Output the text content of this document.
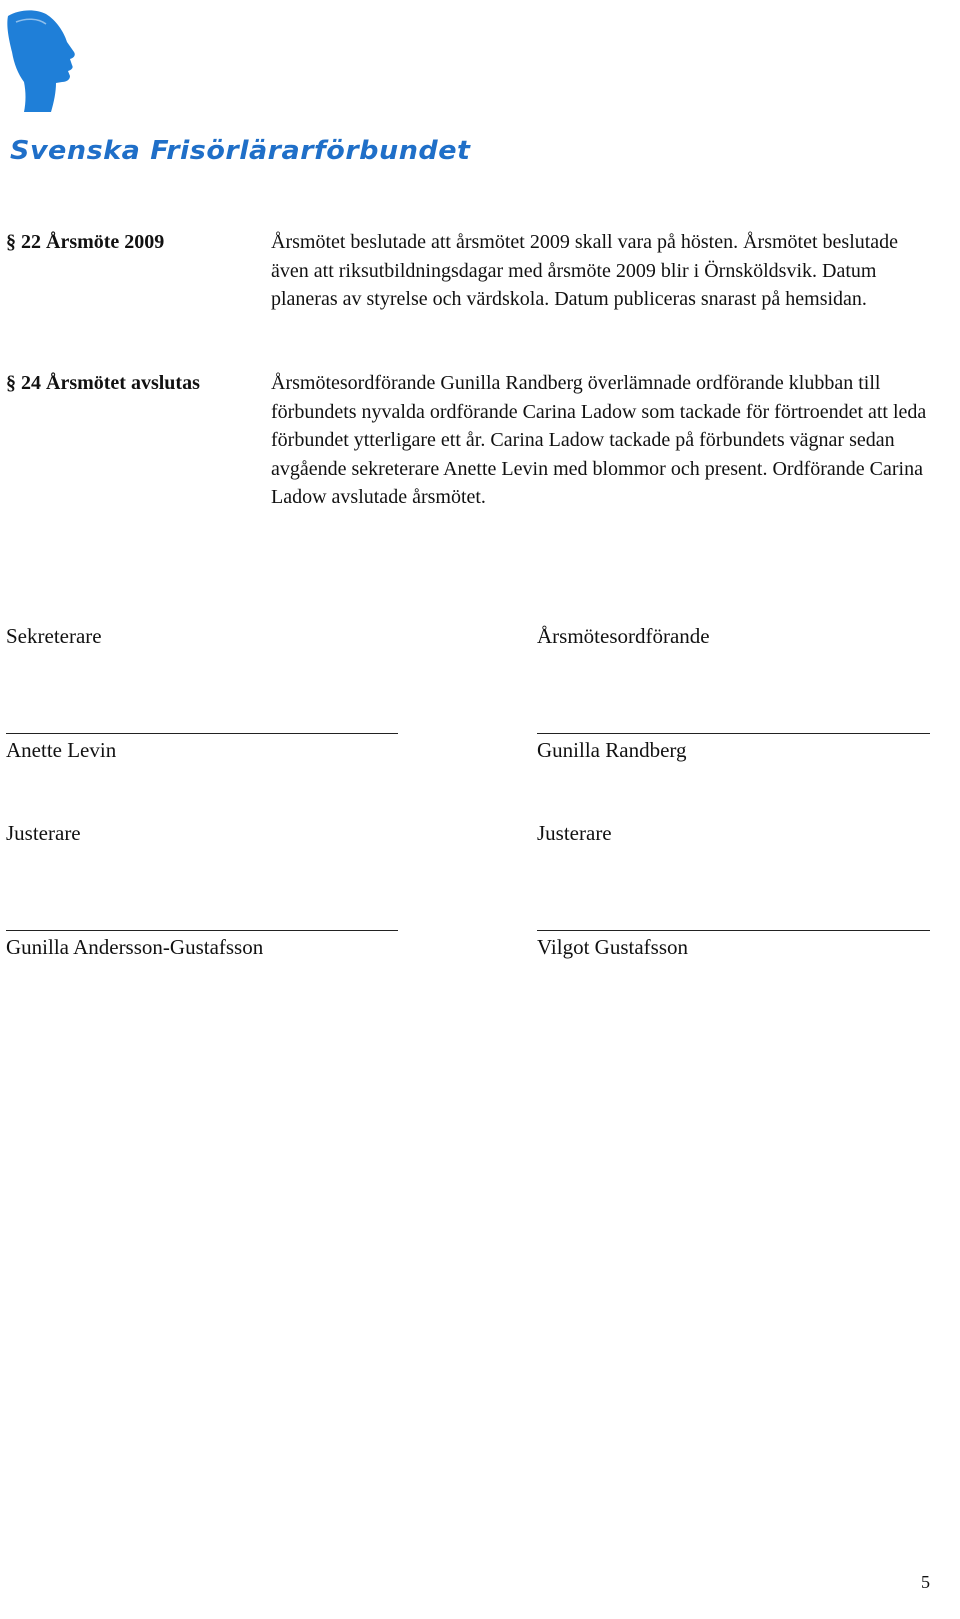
Svenska Frisörlärarförbundet
§ 22 Årsmöte 2009	Årsmötet beslutade att årsmötet 2009 skall vara på hösten. Årsmötet beslutade även att riksutbildningsdagar med årsmöte 2009 blir i Örnsköldsvik. Datum planeras av styrelse och värdskola. Datum publiceras snarast på hemsidan.
§ 24 Årsmötet avslutas	Årsmötesordförande Gunilla Randberg överlämnade ordförande klubban till förbundets nyvalda ordförande Carina Ladow som tackade för förtroendet att leda förbundet ytterligare ett år. Carina Ladow tackade på förbundets vägnar sedan avgående sekreterare Anette Levin med blommor och present. Ordförande Carina Ladow avslutade årsmötet.
Sekreterare	Årsmötesordförande
Anette Levin	Gunilla Randberg
Justerare	Justerare
Gunilla Andersson-Gustafsson	Vilgot Gustafsson
5
